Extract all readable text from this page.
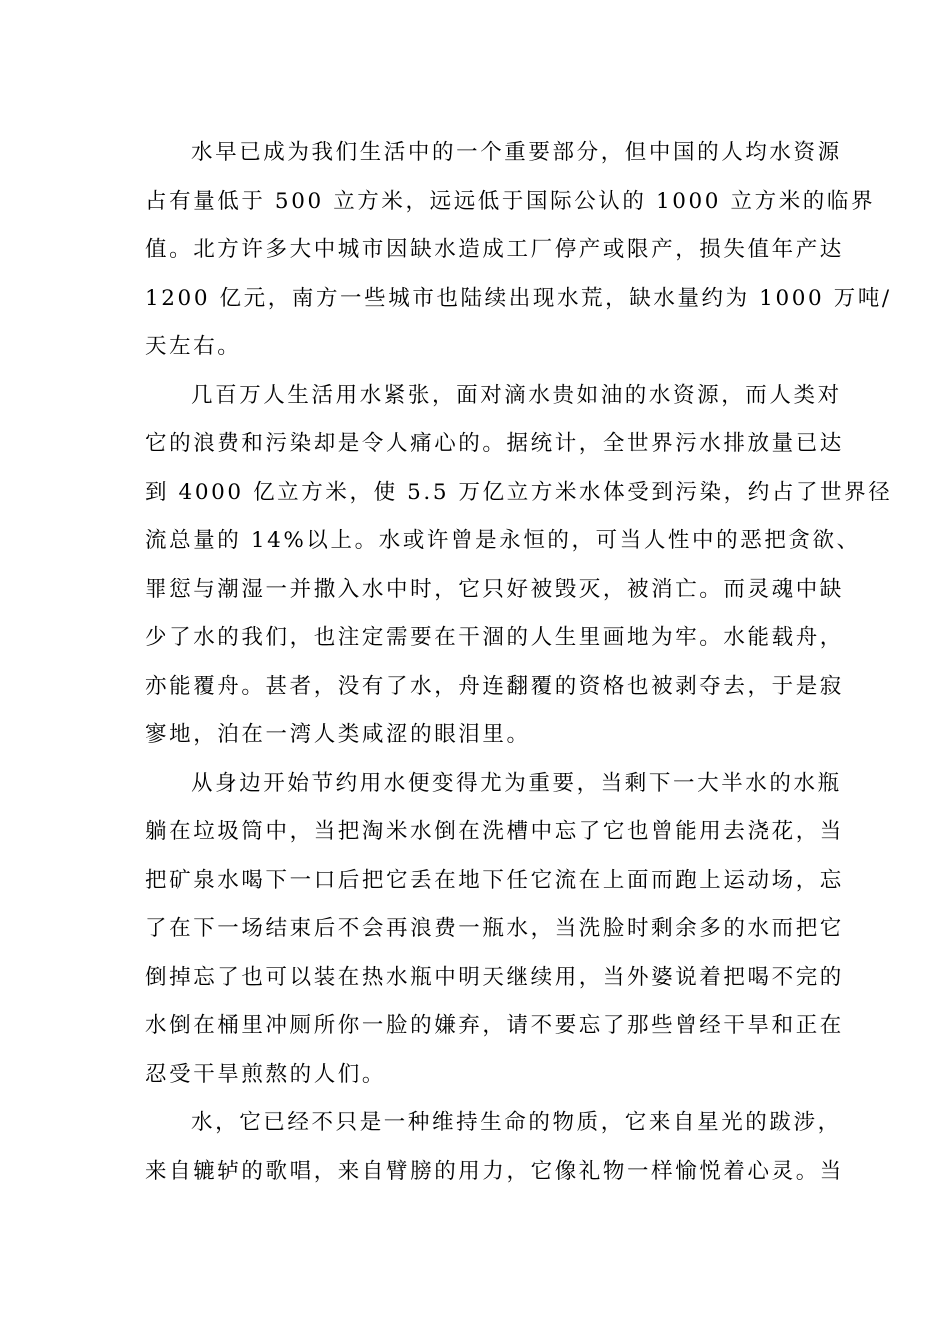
水早已成为我们生活中的一个重要部分，但中国的人均水资源
占有量低于 500 立方米，远远低于国际公认的 1000 立方米的临界
值。北方许多大中城市因缺水造成工厂停产或限产，损失值年产达
1200 亿元，南方一些城市也陆续出现水荒，缺水量约为 1000 万吨/
天左右。
几百万人生活用水紧张，面对滴水贵如油的水资源，而人类对
它的浪费和污染却是令人痛心的。据统计，全世界污水排放量已达
到 4000 亿立方米，使 5.5 万亿立方米水体受到污染，约占了世界径
流总量的 14%以上。水或许曾是永恒的，可当人性中的恶把贪欲、
罪愆与潮湿一并撒入水中时，它只好被毁灭，被消亡。而灵魂中缺
少了水的我们，也注定需要在干涸的人生里画地为牢。水能载舟，
亦能覆舟。甚者，没有了水，舟连翻覆的资格也被剥夺去，于是寂
寥地，泊在一湾人类咸涩的眼泪里。
从身边开始节约用水便变得尤为重要，当剩下一大半水的水瓶
躺在垃圾筒中，当把淘米水倒在洗槽中忘了它也曾能用去浇花，当
把矿泉水喝下一口后把它丢在地下任它流在上面而跑上运动场，忘
了在下一场结束后不会再浪费一瓶水，当洗脸时剩余多的水而把它
倒掉忘了也可以装在热水瓶中明天继续用，当外婆说着把喝不完的
水倒在桶里冲厕所你一脸的嫌弃，请不要忘了那些曾经干旱和正在
忍受干旱煎熬的人们。
水，它已经不只是一种维持生命的物质，它来自星光的跋涉，
来自辘轳的歌唱，来自臂膀的用力，它像礼物一样愉悦着心灵。当
